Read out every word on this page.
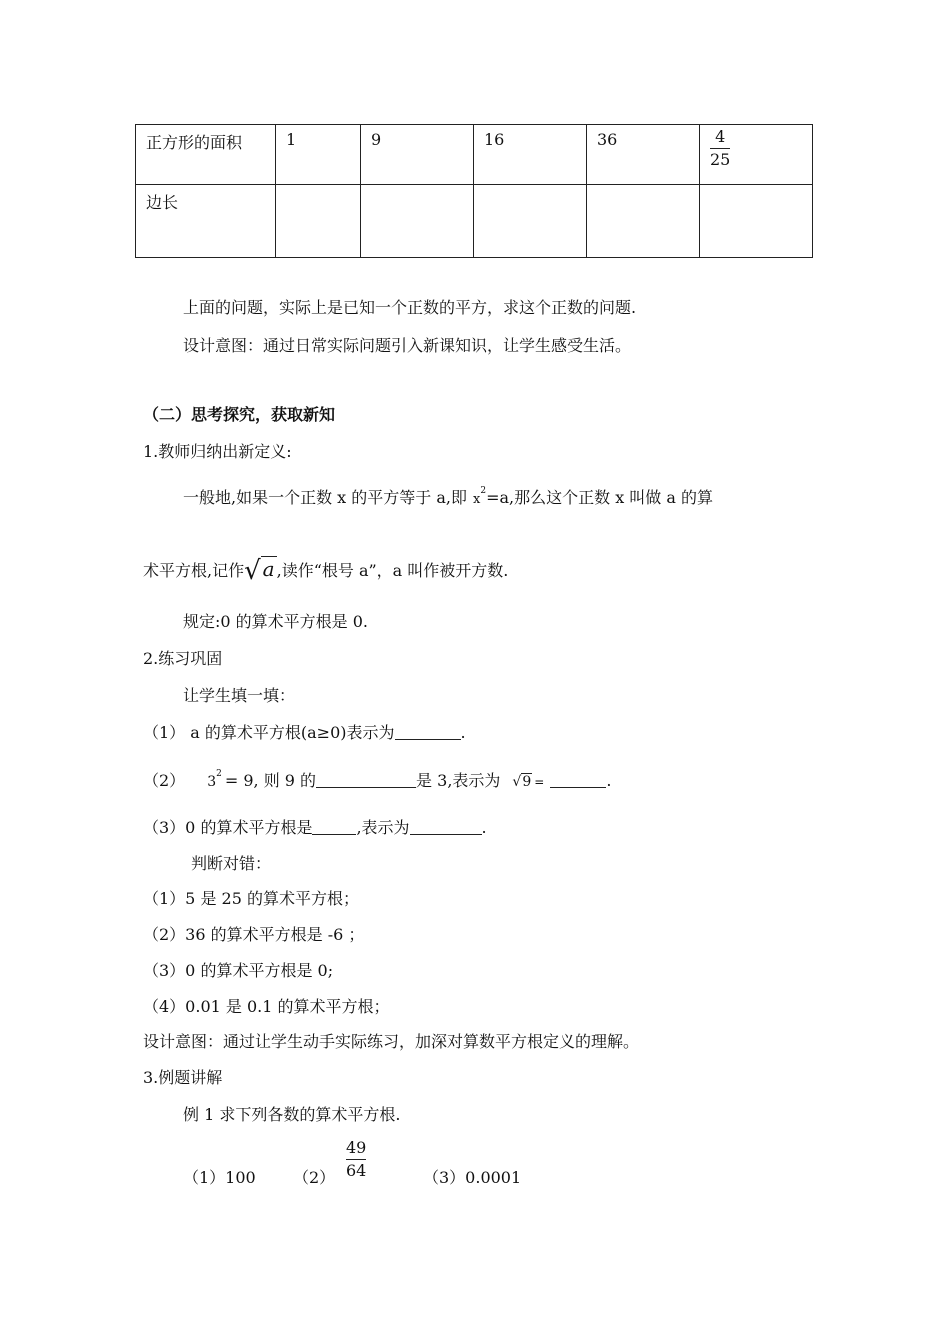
正方形的面积	1	9	16	36	$\frac{4}{25}$

边长					
上面的问题，实际上是已知一个正数的平方，求这个正数的问题.
设计意图：通过日常实际问题引入新课知识，让学生感受生活。
（二）思考探究，获取新知
1.教师归纳出新定义:
一般地,如果一个正数 x 的平方等于 a,即 $x^2=a$,那么这个正数 x 叫做 a 的算
术平方根,记作√ a ,读作“根号 a”，a 叫作被开方数.
规定:0 的算术平方根是 0.
2.练习巩固
让学生填一填：
（1） a 的算术平方根(a≥0)表示为	.
（2） $3^2 = 9$, 则 9 的	是 3,表示为 √9 =	.
（3）0 的算术平方根是	,表示为	.
判断对错：
（1）5 是 25 的算术平方根；
（2）36 的算术平方根是 -6 ；
（3）0 的算术平方根是 0;
（4）0.01 是 0.1 的算术平方根；
设计意图：通过让学生动手实际练习，加深对算数平方根定义的理解。
3.例题讲解
例 1 求下列各数的算术平方根.
（1）100 $(2) \frac{49}{64}$	（3）0.0001
